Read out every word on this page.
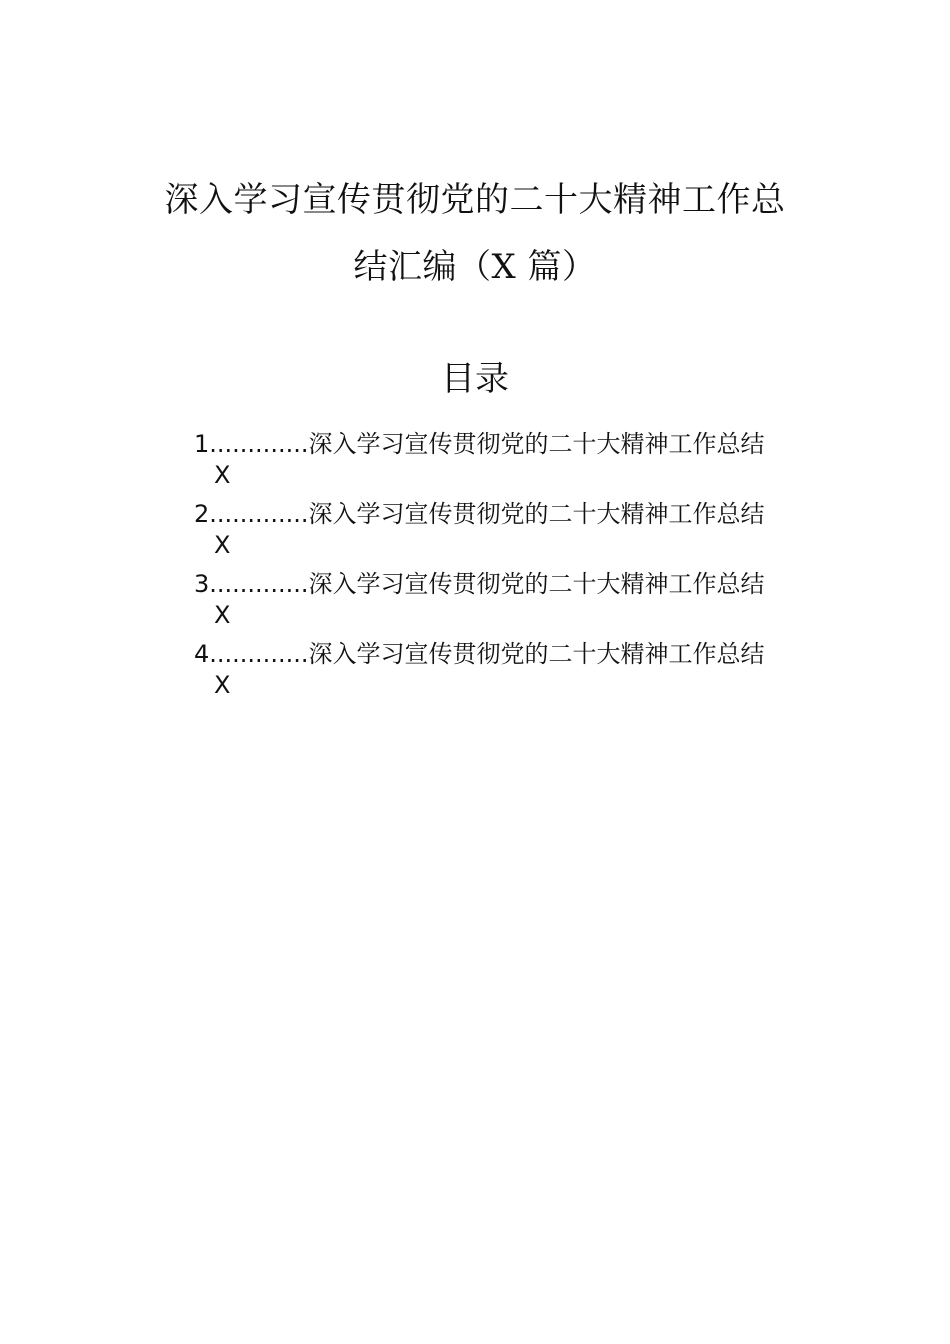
深入学习宣传贯彻党的二十大精神工作总
结汇编（X 篇）
目录
1.............深入学习宣传贯彻党的二十大精神工作总结
X
2.............深入学习宣传贯彻党的二十大精神工作总结
X
3.............深入学习宣传贯彻党的二十大精神工作总结
X
4.............深入学习宣传贯彻党的二十大精神工作总结
X
